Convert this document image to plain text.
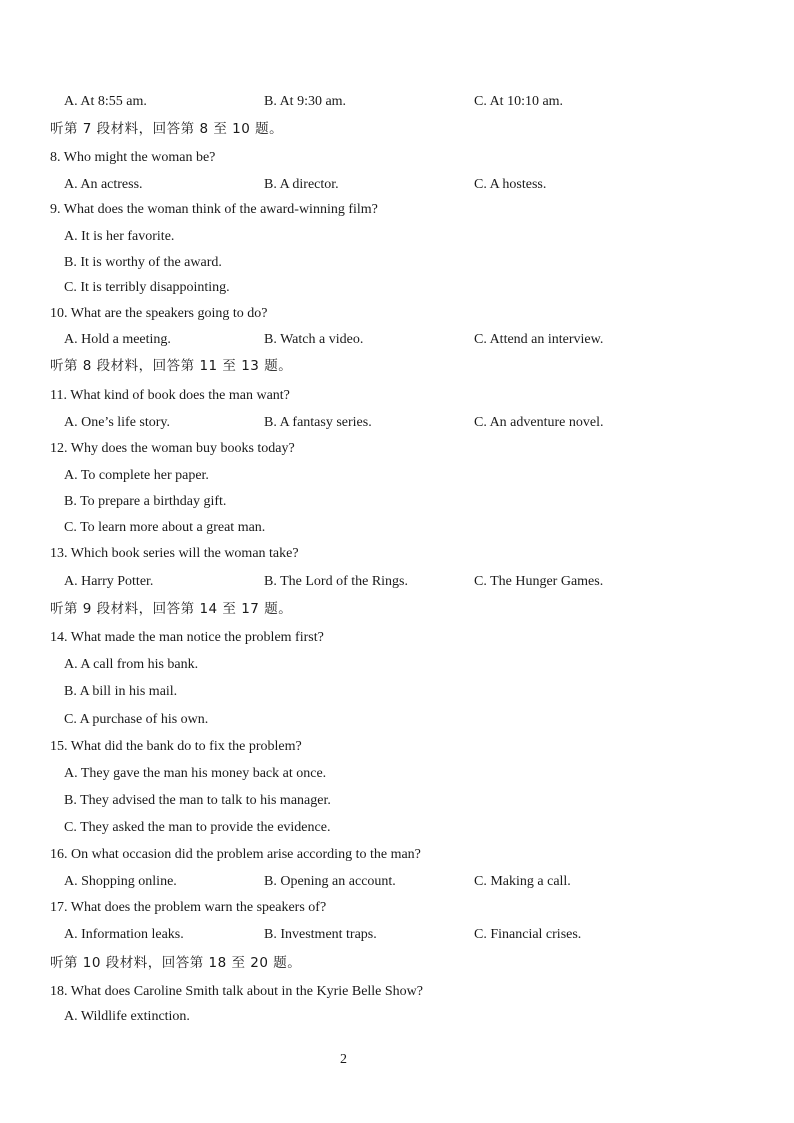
A. At 8:55 am.	B. At 9:30 am.	C. At 10:10 am.
听第 7 段材料，回答第 8 至 10 题。
8. Who might the woman be?
A. An actress.	B. A director.	C. A hostess.
9. What does the woman think of the award-winning film?
A. It is her favorite.
B. It is worthy of the award.
C. It is terribly disappointing.
10. What are the speakers going to do?
A. Hold a meeting.	B. Watch a video.	C. Attend an interview.
听第 8 段材料，回答第 11 至 13 题。
11. What kind of book does the man want?
A. One’s life story.	B. A fantasy series.	C. An adventure novel.
12. Why does the woman buy books today?
A. To complete her paper.
B. To prepare a birthday gift.
C. To learn more about a great man.
13. Which book series will the woman take?
A. Harry Potter.	B. The Lord of the Rings.	C. The Hunger Games.
听第 9 段材料，回答第 14 至 17 题。
14. What made the man notice the problem first?
A. A call from his bank.
B. A bill in his mail.
C. A purchase of his own.
15. What did the bank do to fix the problem?
A. They gave the man his money back at once.
B. They advised the man to talk to his manager.
C. They asked the man to provide the evidence.
16. On what occasion did the problem arise according to the man?
A. Shopping online.	B. Opening an account.	C. Making a call.
17. What does the problem warn the speakers of?
A. Information leaks.	B. Investment traps.	C. Financial crises.
听第 10 段材料，回答第 18 至 20 题。
18. What does Caroline Smith talk about in the Kyrie Belle Show?
A. Wildlife extinction.
2
